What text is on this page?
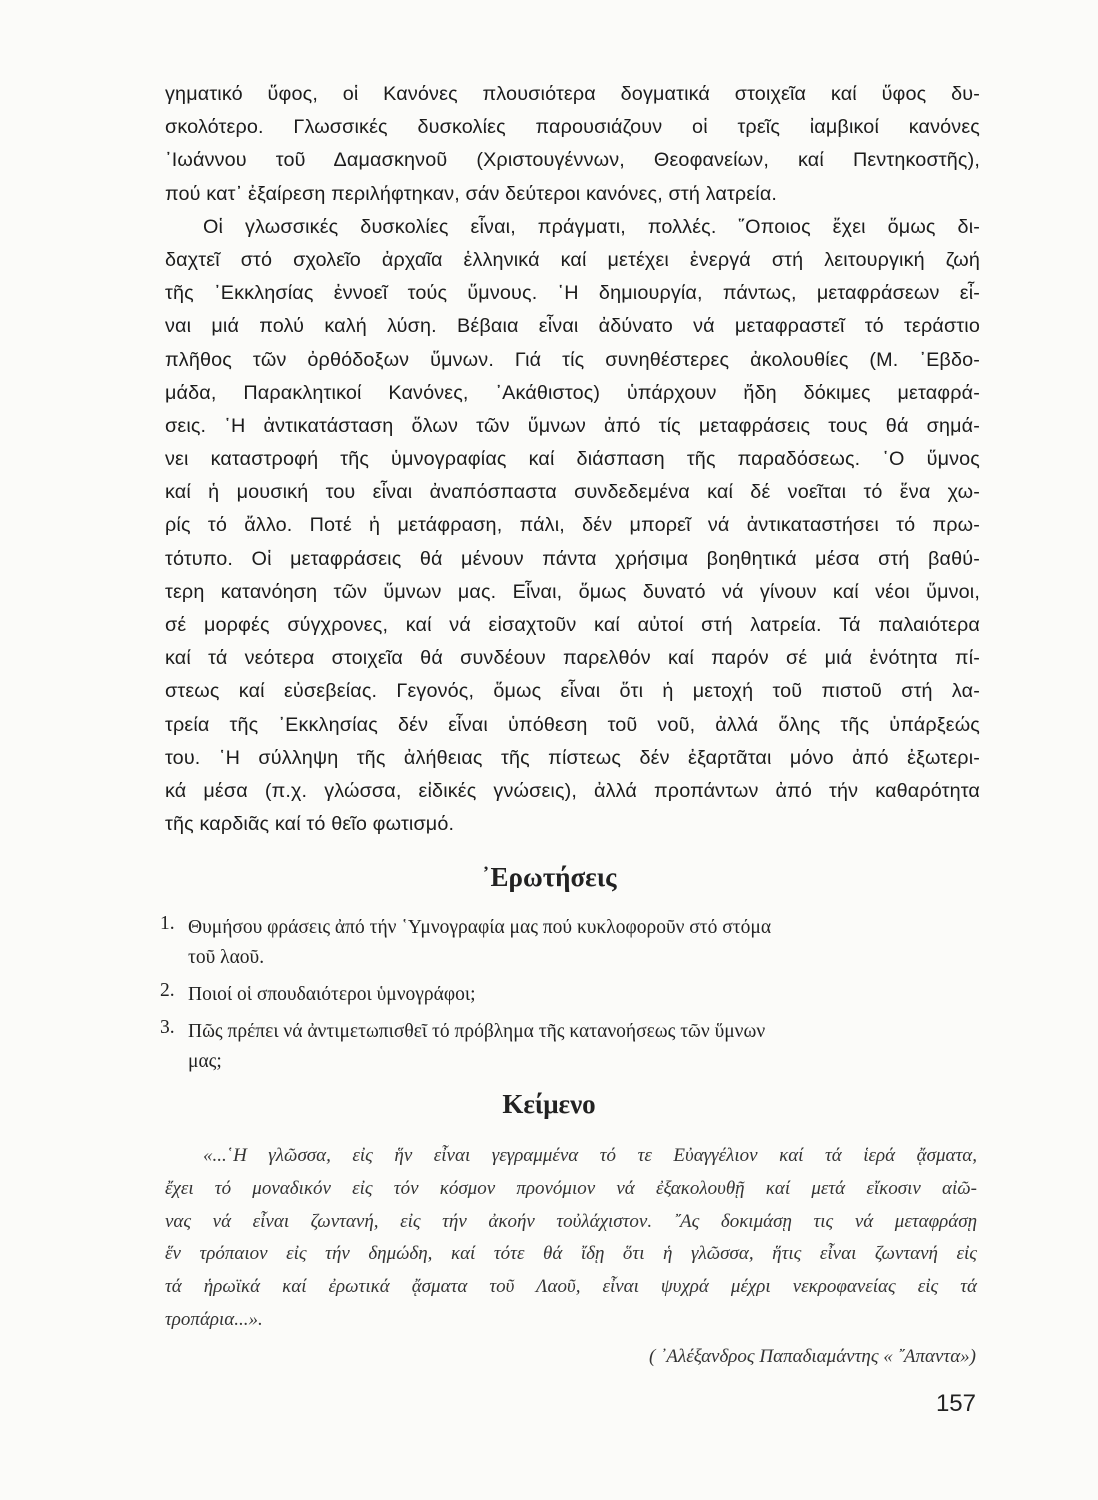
γηματικό ὕφος, οἱ Κανόνες πλουσιότερα δογματικά στοιχεῖα καί ὕφος δυ-
σκολότερο. Γλωσσικές δυσκολίες παρουσιάζουν οἱ τρεῖς ἰαμβικοί κανόνες
᾿Ιωάννου τοῦ Δαμασκηνοῦ (Χριστουγέννων, Θεοφανείων, καί Πεντηκοστῆς),
πού κατ᾿ ἐξαίρεση περιλήφτηκαν, σάν δεύτεροι κανόνες, στή λατρεία.
Οἱ γλωσσικές δυσκολίες εἶναι, πράγματι, πολλές. ῞Οποιος ἔχει ὅμως δι-
δαχτεῖ στό σχολεῖο ἀρχαῖα ἑλληνικά καί μετέχει ἐνεργά στή λειτουργική ζωή
τῆς ᾿Εκκλησίας ἐννοεῖ τούς ὕμνους. ῾Η δημιουργία, πάντως, μεταφράσεων εἶ-
ναι μιά πολύ καλή λύση. Βέβαια εἶναι ἀδύνατο νά μεταφραστεῖ τό τεράστιο
πλῆθος τῶν ὀρθόδοξων ὕμνων. Γιά τίς συνηθέστερες ἀκολουθίες (Μ. ᾿Εβδο-
μάδα, Παρακλητικοί Κανόνες, ᾿Ακάθιστος) ὑπάρχουν ἤδη δόκιμες μεταφρά-
σεις. ῾Η ἀντικατάσταση ὅλων τῶν ὕμνων ἀπό τίς μεταφράσεις τους θά σημά-
νει καταστροφή τῆς ὑμνογραφίας καί διάσπαση τῆς παραδόσεως. ῾Ο ὕμνος
καί ἡ μουσική του εἶναι ἀναπόσπαστα συνδεδεμένα καί δέ νοεῖται τό ἕνα χω-
ρίς τό ἄλλο. Ποτέ ἡ μετάφραση, πάλι, δέν μπορεῖ νά ἀντικαταστήσει τό πρω-
τότυπο. Οἱ μεταφράσεις θά μένουν πάντα χρήσιμα βοηθητικά μέσα στή βαθύ-
τερη κατανόηση τῶν ὕμνων μας. Εἶναι, ὅμως δυνατό νά γίνουν καί νέοι ὕμνοι,
σέ μορφές σύγχρονες, καί νά εἰσαχτοῦν καί αὐτοί στή λατρεία. Τά παλαιότερα
καί τά νεότερα στοιχεῖα θά συνδέουν παρελθόν καί παρόν σέ μιά ἑνότητα πί-
στεως καί εὐσεβείας. Γεγονός, ὅμως εἶναι ὅτι ἡ μετοχή τοῦ πιστοῦ στή λα-
τρεία τῆς ᾿Εκκλησίας δέν εἶναι ὑπόθεση τοῦ νοῦ, ἀλλά ὅλης τῆς ὑπάρξεώς
του. ῾Η σύλληψη τῆς ἀλήθειας τῆς πίστεως δέν ἐξαρτᾶται μόνο ἀπό ἐξωτερι-
κά μέσα (π.χ. γλώσσα, εἰδικές γνώσεις), ἀλλά προπάντων ἀπό τήν καθαρότητα
τῆς καρδιᾶς καί τό θεῖο φωτισμό.
᾿Ερωτήσεις
1. Θυμήσου φράσεις ἀπό τήν ῾Υμνογραφία μας πού κυκλοφοροῦν στό στόμα
τοῦ λαοῦ.
2. Ποιοί οἱ σπουδαιότεροι ὑμνογράφοι;
3. Πῶς πρέπει νά ἀντιμετωπισθεῖ τό πρόβλημα τῆς κατανοήσεως τῶν ὕμνων
μας;
Κείμενο
«...῾Η γλῶσσα, εἰς ἥν εἶναι γεγραμμένα τό τε Εὐαγγέλιον καί τά ἱερά ᾄσματα,
ἔχει τό μοναδικόν εἰς τόν κόσμον προνόμιον νά ἐξακολουθῇ καί μετά εἴκοσιν αἰῶ-
νας νά εἶναι ζωντανή, εἰς τήν ἀκοήν τοὐλάχιστον. ῎Ας δοκιμάσῃ τις νά μεταφράσῃ
ἕν τρόπαιον εἰς τήν δημώδη, καί τότε θά ἴδῃ ὅτι ἡ γλῶσσα, ἥτις εἶναι ζωντανή εἰς
τά ἡρωϊκά καί ἐρωτικά ᾄσματα τοῦ Λαοῦ, εἶναι ψυχρά μέχρι νεκροφανείας εἰς τά
τροπάρια...».
( ᾿Αλέξανδρος Παπαδιαμάντης « ῎Απαντα»)
157
